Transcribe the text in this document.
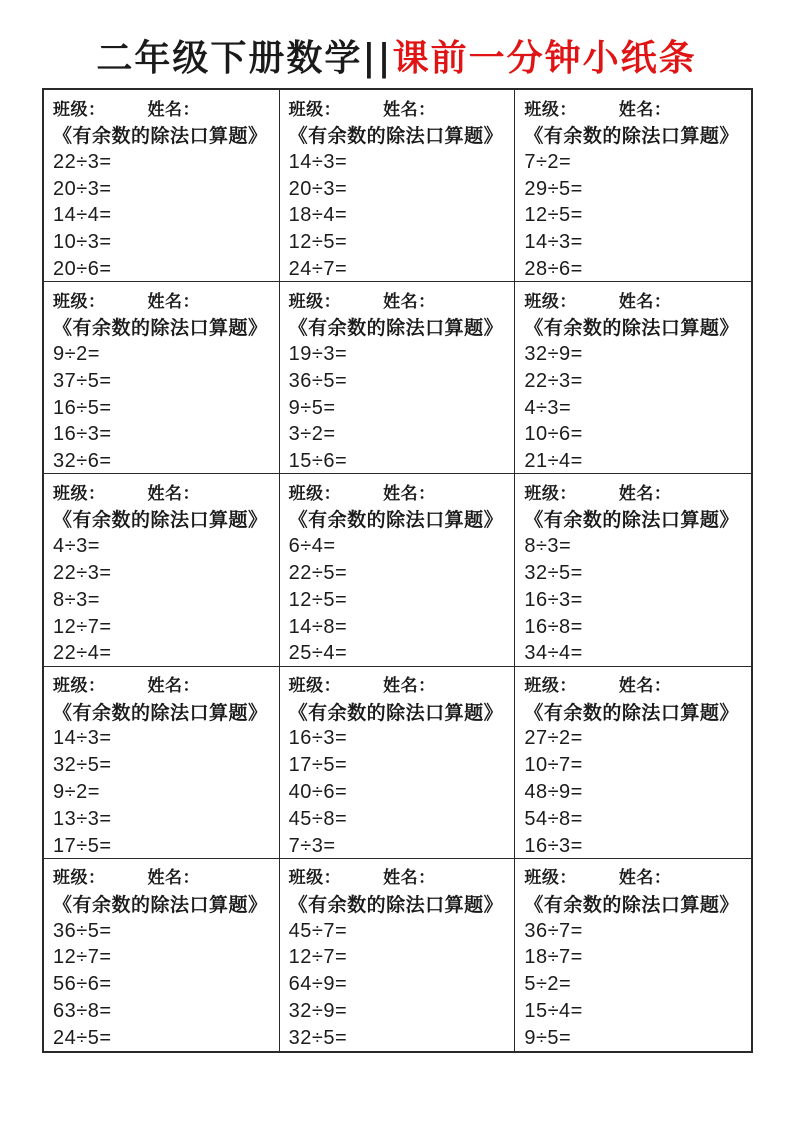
二年级下册数学||课前一分钟小纸条
班级： 姓名：
《有余数的除法口算题》
22÷3=
20÷3=
14÷4=
10÷3=
20÷6=
班级： 姓名：
《有余数的除法口算题》
14÷3=
20÷3=
18÷4=
12÷5=
24÷7=
班级： 姓名：
《有余数的除法口算题》
7÷2=
29÷5=
12÷5=
14÷3=
28÷6=
班级： 姓名：
《有余数的除法口算题》
9÷2=
37÷5=
16÷5=
16÷3=
32÷6=
班级： 姓名：
《有余数的除法口算题》
19÷3=
36÷5=
9÷5=
3÷2=
15÷6=
班级： 姓名：
《有余数的除法口算题》
32÷9=
22÷3=
4÷3=
10÷6=
21÷4=
班级： 姓名：
《有余数的除法口算题》
4÷3=
22÷3=
8÷3=
12÷7=
22÷4=
班级： 姓名：
《有余数的除法口算题》
6÷4=
22÷5=
12÷5=
14÷8=
25÷4=
班级： 姓名：
《有余数的除法口算题》
8÷3=
32÷5=
16÷3=
16÷8=
34÷4=
班级： 姓名：
《有余数的除法口算题》
14÷3=
32÷5=
9÷2=
13÷3=
17÷5=
班级： 姓名：
《有余数的除法口算题》
16÷3=
17÷5=
40÷6=
45÷8=
7÷3=
班级： 姓名：
《有余数的除法口算题》
27÷2=
10÷7=
48÷9=
54÷8=
16÷3=
班级： 姓名：
《有余数的除法口算题》
36÷5=
12÷7=
56÷6=
63÷8=
24÷5=
班级： 姓名：
《有余数的除法口算题》
45÷7=
12÷7=
64÷9=
32÷9=
32÷5=
班级： 姓名：
《有余数的除法口算题》
36÷7=
18÷7=
5÷2=
15÷4=
9÷5=
